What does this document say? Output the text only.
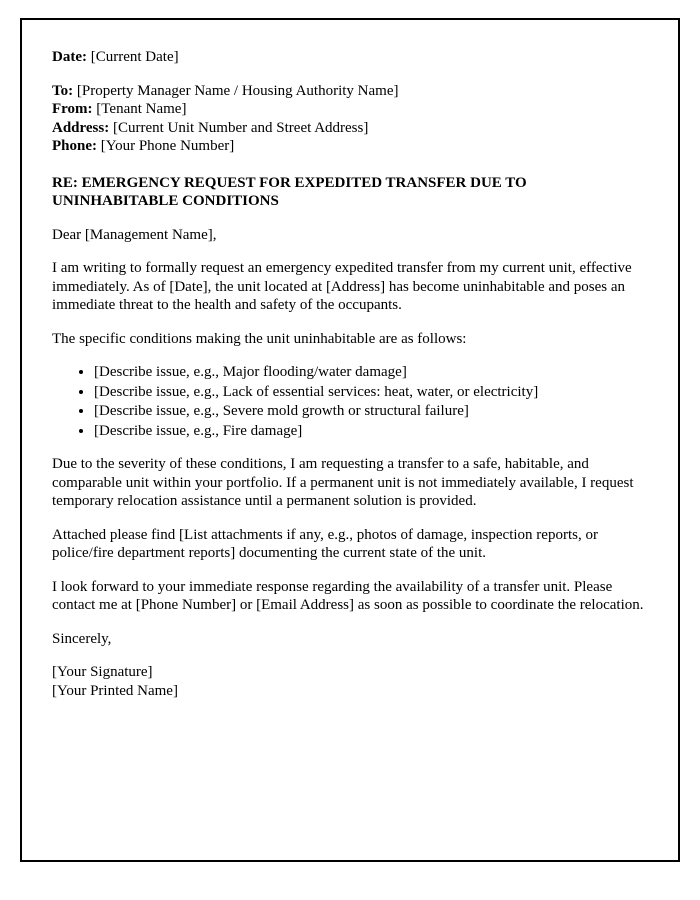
Date: [Current Date]

To: [Property Manager Name / Housing Authority Name]

From: [Tenant Name]

Address: [Current Unit Number and Street Address]

Phone: [Your Phone Number]

RE: EMERGENCY REQUEST FOR EXPEDITED TRANSFER DUE TO UNINHABITABLE CONDITIONS

Dear [Management Name],

I am writing to formally request an emergency expedited transfer from my current unit, effective immediately. As of [Date], the unit located at [Address] has become uninhabitable and poses an immediate threat to the health and safety of the occupants.

The specific conditions making the unit uninhabitable are as follows:

• [Describe issue, e.g., Major flooding/water damage]
• [Describe issue, e.g., Lack of essential services: heat, water, or electricity]
• [Describe issue, e.g., Severe mold growth or structural failure]
• [Describe issue, e.g., Fire damage]

Due to the severity of these conditions, I am requesting a transfer to a safe, habitable, and comparable unit within your portfolio. If a permanent unit is not immediately available, I request temporary relocation assistance until a permanent solution is provided.

Attached please find [List attachments if any, e.g., photos of damage, inspection reports, or police/fire department reports] documenting the current state of the unit.

I look forward to your immediate response regarding the availability of a transfer unit. Please contact me at [Phone Number] or [Email Address] as soon as possible to coordinate the relocation.

Sincerely,

[Your Signature]
[Your Printed Name]
